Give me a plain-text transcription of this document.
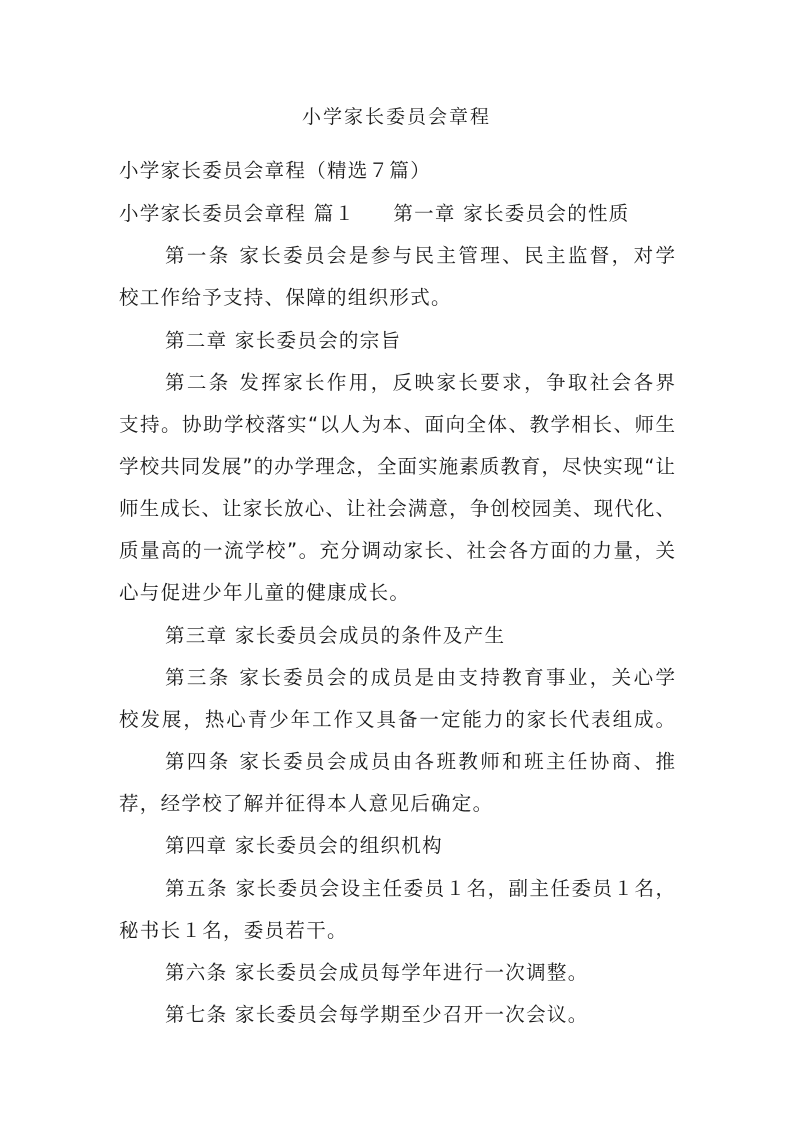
小学家长委员会章程
小学家长委员会章程（精选７篇）
小学家长委员会章程 篇１ 第一章 家长委员会的性质
第一条 家长委员会是参与民主管理、民主监督，对学
校工作给予支持、保障的组织形式。
第二章 家长委员会的宗旨
第二条 发挥家长作用，反映家长要求，争取社会各界
支持。协助学校落实“以人为本、面向全体、教学相长、师生
学校共同发展”的办学理念，全面实施素质教育，尽快实现“让
师生成长、让家长放心、让社会满意，争创校园美、现代化、
质量高的一流学校”。充分调动家长、社会各方面的力量，关
心与促进少年儿童的健康成长。
第三章 家长委员会成员的条件及产生
第三条 家长委员会的成员是由支持教育事业，关心学
校发展，热心青少年工作又具备一定能力的家长代表组成。
第四条 家长委员会成员由各班教师和班主任协商、推
荐，经学校了解并征得本人意见后确定。
第四章 家长委员会的组织机构
第五条 家长委员会设主任委员１名，副主任委员１名，
秘书长１名，委员若干。
第六条 家长委员会成员每学年进行一次调整。
第七条 家长委员会每学期至少召开一次会议。
